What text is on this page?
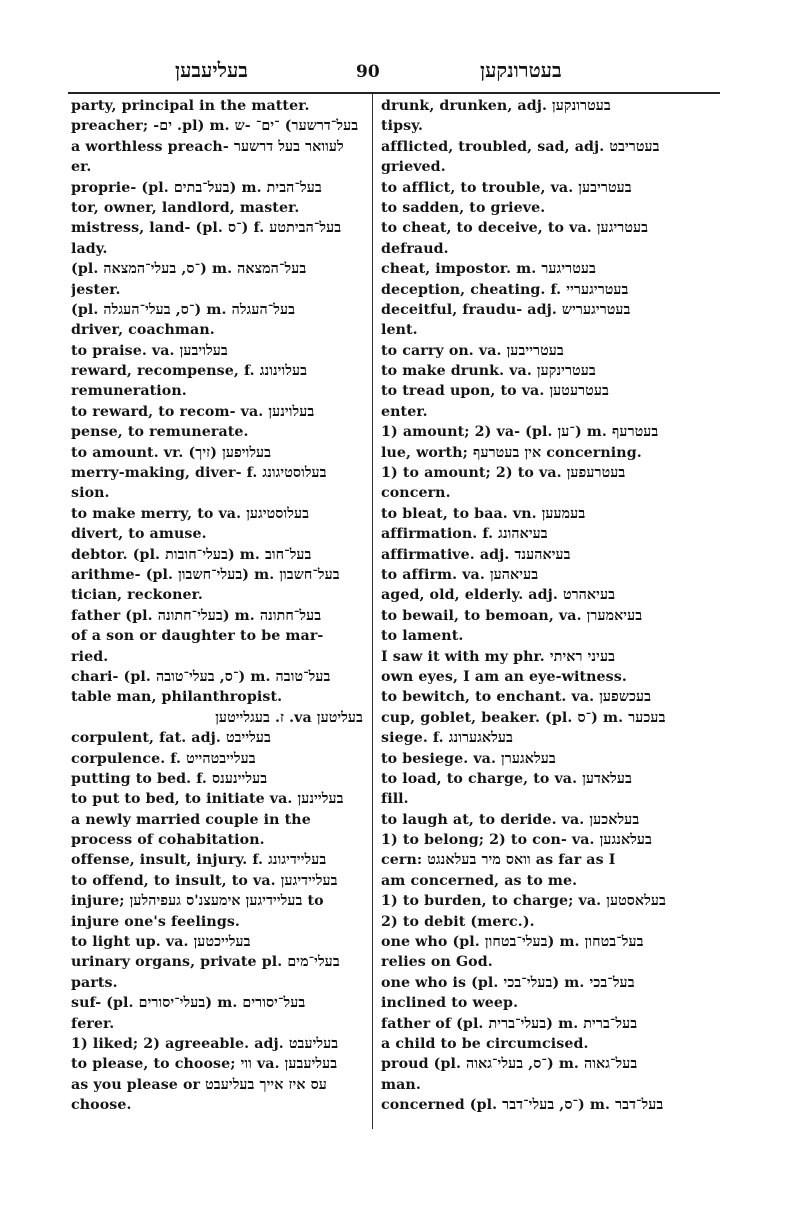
בעליעבען	90	בעטרונקען
party, principal in the matter.
preacher; -ים .pl) m. בעל־דרשער) ־ים־ -ש
a worthless preach- לעוואר בעל דרשער
er.
proprie- (pl. בעל־בתים) m. בעל־הבית
tor, owner, landlord, master.
mistress, land- (pl. ־ס) f. בעל־הביתטע
lady.
(pl. ־ס, בעלי־המצאה) m. בעל־המצאה
jester.
(pl. ־ס, בעלי־העגלה) m. בעל־העגלה
driver, coachman.
to praise. va. בעלויבען
reward, recompense, f. בעלוינונג
remuneration.
to reward, to recom- va. בעלוינען
pense, to remunerate.
to amount. vr. (זיך) בעלויפען
merry-making, diver- f. בעלוסטיגונג
sion.
to make merry, to va. בעלוסטיגען
divert, to amuse.
debtor. (pl. בעלי־חובות) m. בעל־חוב
arithme- (pl. בעלי־חשבון) m. בעל־חשבון
tician, reckoner.
father (pl. בעלי־חתונה) m. בעל־חתונה
of a son or daughter to be mar-
ried.
chari- (pl. ־ס, בעלי־טובה) m. בעל־טובה
table man, philanthropist.
בעליטען va. ז. בעגלייטען
corpulent, fat. adj. בעלייבט
corpulence. f. בעלייבטהייט
putting to bed. f. בעליינענס
to put to bed, to initiate va. בעליינען
a newly married couple in the
process of cohabitation.
offense, insult, injury. f. בעליידיגונג
to offend, to insult, to va. בעליידיגען
injure; בעליידיגען אימעצנ'ס געפיהלען to
injure one's feelings.
to light up. va. בעלייכטען
urinary organs, private pl. בעלי־מים
parts.
suf- (pl. בעלי־יסורים) m. בעל־יסורים
ferer.
1) liked; 2) agreeable. adj. בעליעבט
to please, to choose; ווי va. בעליעבען
as you please or עס איז אייך בעליעבט
choose.
drunk, drunken, adj. בעטרונקען
tipsy.
afflicted, troubled, sad, adj. בעטריבט
grieved.
to afflict, to trouble, va. בעטריבען
to sadden, to grieve.
to cheat, to deceive, to va. בעטריגען
defraud.
cheat, impostor. m. בעטריגער
deception, cheating. f. בעטריגעריי
deceitful, fraudu- adj. בעטריגעריש
lent.
to carry on. va. בעטרייבען
to make drunk. va. בעטרינקען
to tread upon, to va. בעטרעטען
enter.
1) amount; 2) va- (pl. ־ען) m. בעטרעף
lue, worth; אין בעטרעף concerning.
1) to amount; 2) to va. בעטרעפען
concern.
to bleat, to baa. vn. בעמעען
affirmation. f. בעיאהונג
affirmative. adj. בעיאהענד
to affirm. va. בעיאהען
aged, old, elderly. adj. בעיאהרט
to bewail, to bemoan, va. בעיאמערן
to lament.
I saw it with my phr. בעיני ראיתי
own eyes, I am an eye-witness.
to bewitch, to enchant. va. בעכשפען
cup, goblet, beaker. (pl. ־ס) m. בעכער
siege. f. בעלאגערונג
to besiege. va. בעלאגערן
to load, to charge, to va. בעלאדען
fill.
to laugh at, to deride. va. בעלאכען
1) to belong; 2) to con- va. בעלאנגען
cern: וואס מיר בעלאנגט as far as I
am concerned, as to me.
1) to burden, to charge; va. בעלאסטען
2) to debit (merc.).
one who (pl. בעלי־בטחון) m. בעל־בטחון
relies on God.
one who is (pl. בעלי־בכי) m. בעל־בכי
inclined to weep.
father of (pl. בעלי־ברית) m. בעל־ברית
a child to be circumcised.
proud (pl. ־ס, בעלי־גאוה) m. בעל־גאוה
man.
concerned (pl. ־ס, בעלי־דבר) m. בעל־דבר
